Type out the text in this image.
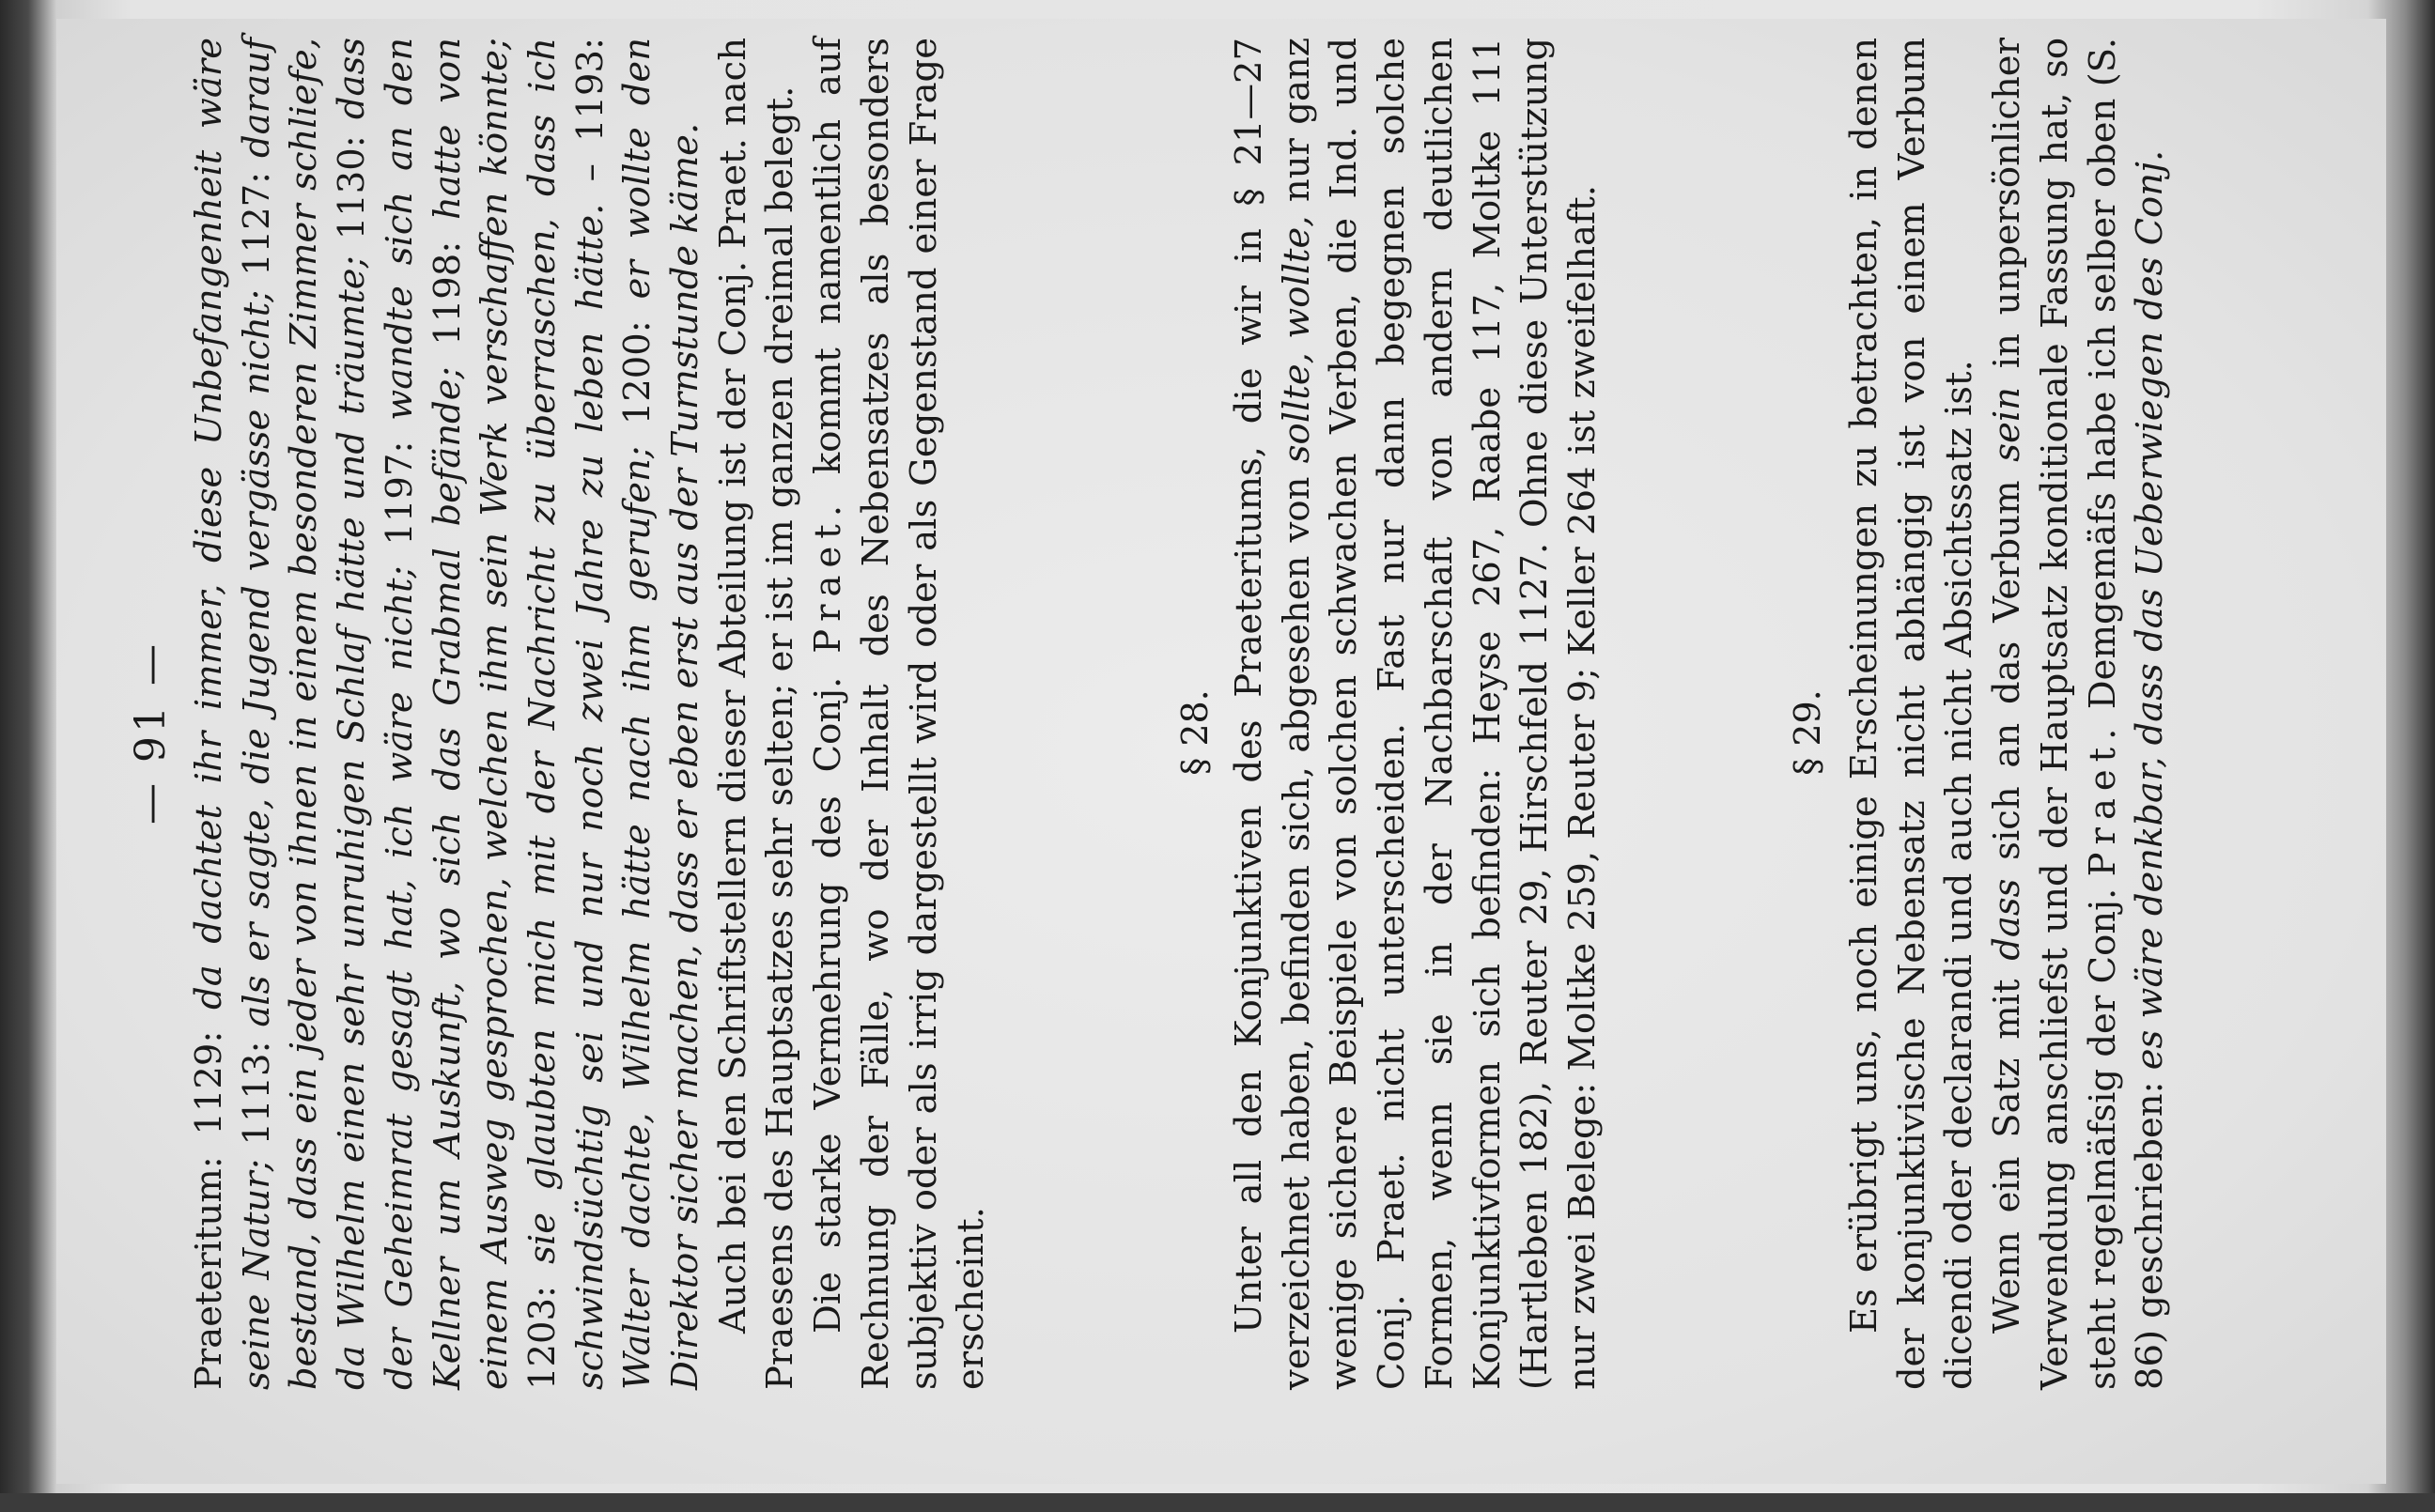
— 91 —

Praeteritum: 1129: da dachtet ihr immer, diese Unbefangenheit wäre seine Natur; 1113: als er sagte, die Jugend vergässe nicht; 1127: darauf bestand, dass ein jeder von ihnen in einem besonderen Zimmer schliefe, da Wilhelm einen sehr unruhigen Schlaf hätte und träumte; 1130: dass der Geheimrat gesagt hat, ich wäre nicht; 1197: wandte sich an den Kellner um Auskunft, wo sich das Grabmal befände; 1198: hatte von einem Ausweg gesprochen, welchen ihm sein Werk verschaffen könnte; 1203: sie glaubten mich mit der Nachricht zu überraschen, dass ich schwindsüchtig sei und nur noch zwei Jahre zu leben hätte. – 1193: Walter dachte, Wilhelm hätte nach ihm gerufen; 1200: er wollte den Direktor sicher machen, dass er eben erst aus der Turnstunde käme. Auch bei den Schriftstellern dieser Abteilung ist der Conj. Praet. nach Praesens des Hauptsatzes sehr selten; er ist im ganzen dreimal belegt. Die starke Vermehrung des Conj. Praet. kommt namentlich auf Rechnung der Fälle, wo der Inhalt des Nebensatzes als besonders subjektiv oder als irrig dargestellt wird oder als Gegenstand einer Frage erscheint.

§ 28. Unter all den Konjunktiven des Praeteritums, die wir in § 21—27 verzeichnet haben, befinden sich, abgesehen von sollte, wollte, nur ganz wenige sichere Beispiele von solchen schwachen Verben, die Ind. und Conj. Praet. nicht unterscheiden. Fast nur dann begegnen solche Formen, wenn sie in der Nachbarschaft von andern deutlichen Konjunktivformen sich befinden: Heyse 267, Raabe 117, Moltke 111 (Hartleben 182), Reuter 29, Hirschfeld 1127. Ohne diese Unterstützung nur zwei Belege: Moltke 259, Reuter 9; Keller 264 ist zweifelhaft.	§ 29. Es erübrigt uns, noch einige Erscheinungen zu betrachten, in denen der konjunktivische Nebensatz nicht abhängig ist von einem Verbum dicendi oder declarandi und auch nicht Absichtssatz ist. Wenn ein Satz mit dass sich an das Verbum sein in unpersönlicher Verwendung anschliefst und der Hauptsatz konditionale Fassung hat, so steht regelmäfsig der Conj. Praet. Demgemäfs habe ich selber oben (S. 86) geschrieben: es wäre denkbar, dass das Ueberwiegen des Conj.
